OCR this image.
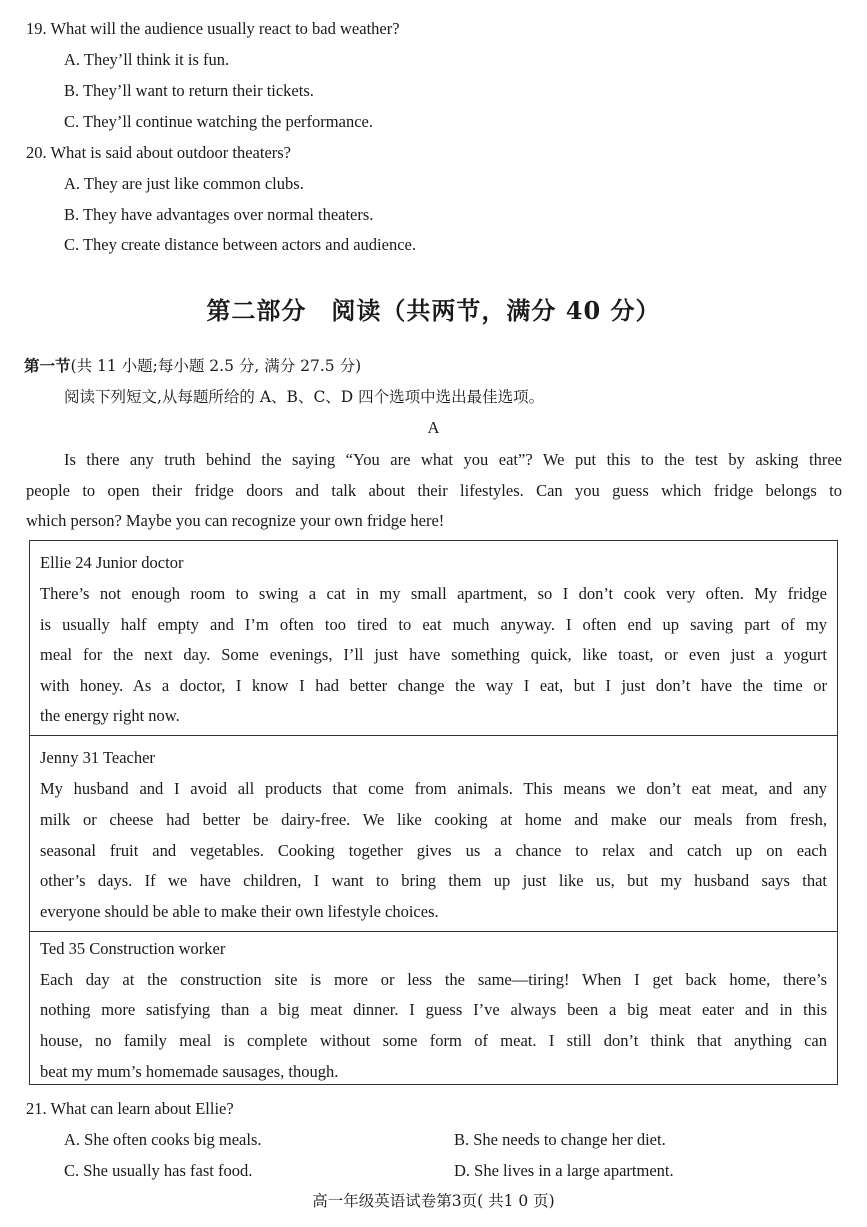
19. What will the audience usually react to bad weather?
A. They’ll think it is fun.
B. They’ll want to return their tickets.
C. They’ll continue watching the performance.
20. What is said about outdoor theaters?
A. They are just like common clubs.
B. They have advantages over normal theaters.
C. They create distance between actors and audience.
第二部分　阅读（共两节，满分 40 分）
第一节(共 11 小题;每小题 2.5 分, 满分 27.5 分)
阅读下列短文,从每题所给的 A、B、C、D 四个选项中选出最佳选项。
A
Is there any truth behind the saying “You are what you eat”? We put this to the test by asking three
people to open their fridge doors and talk about their lifestyles. Can you guess which fridge belongs to
which person? Maybe you can recognize your own fridge here!
Ellie 24 Junior doctor
There’s not enough room to swing a cat in my small apartment, so I don’t cook very often. My fridge
is usually half empty and I’m often too tired to eat much anyway. I often end up saving part of my
meal for the next day. Some evenings, I’ll just have something quick, like toast, or even just a yogurt
with honey. As a doctor, I know I had better change the way I eat, but I just don’t have the time or
the energy right now.
Jenny 31 Teacher
My husband and I avoid all products that come from animals. This means we don’t eat meat, and any
milk or cheese had better be dairy-free. We like cooking at home and make our meals from fresh,
seasonal fruit and vegetables. Cooking together gives us a chance to relax and catch up on each
other’s days. If we have children, I want to bring them up just like us, but my husband says that
everyone should be able to make their own lifestyle choices.
Ted 35 Construction worker
Each day at the construction site is more or less the same—tiring! When I get back home, there’s
nothing more satisfying than a big meat dinner. I guess I’ve always been a big meat eater and in this
house, no family meal is complete without some form of meat. I still don’t think that anything can
beat my mum’s homemade sausages, though.
21. What can learn about Ellie?
A. She often cooks big meals.	B. She needs to change her diet.
C. She usually has fast food.	D. She lives in a large apartment.
高一年级英语试卷第3页( 共1 0 页)
